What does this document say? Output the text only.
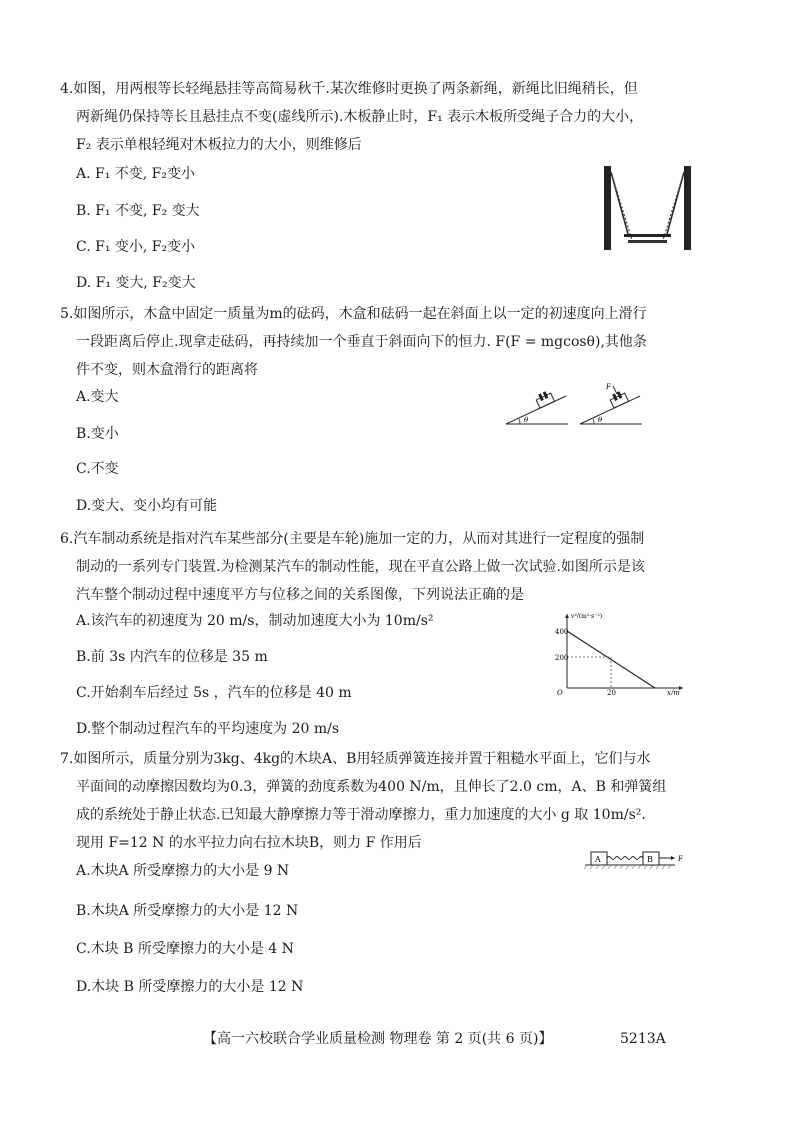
4.如图，用两根等长轻绳悬挂等高简易秋千.某次维修时更换了两条新绳，新绳比旧绳稍长，但
两新绳仍保持等长且悬挂点不变(虚线所示).木板静止时，F₁ 表示木板所受绳子合力的大小，
F₂ 表示单根轻绳对木板拉力的大小，则维修后
A. F₁ 不变, F₂变小
B. F₁ 不变, F₂ 变大
C. F₁ 变小, F₂变小
D. F₁ 变大, F₂变大
5.如图所示，木盒中固定一质量为m的砝码，木盒和砝码一起在斜面上以一定的初速度向上滑行
一段距离后停止.现拿走砝码，再持续加一个垂直于斜面向下的恒力. F(F = mgcosθ),其他条
件不变，则木盒滑行的距离将
A.变大
B.变小
C.不变
D.变大、变小均有可能
θ	θ
F
6.汽车制动系统是指对汽车某些部分(主要是车轮)施加一定的力，从而对其进行一定程度的强制
制动的一系列专门装置.为检测某汽车的制动性能，现在平直公路上做一次试验.如图所示是该
汽车整个制动过程中速度平方与位移之间的关系图像，下列说法正确的是
A.该汽车的初速度为 20 m/s，制动加速度大小为 10m/s²
B.前 3s 内汽车的位移是 35 m
C.开始刹车后经过 5s ，汽车的位移是 40 m
D.整个制动过程汽车的平均速度为 20 m/s
v²/(m²·s⁻²)
400
200
O	20	x/m
7.如图所示，质量分别为3kg、4kg的木块A、B用轻质弹簧连接并置于粗糙水平面上，它们与水
平面间的动摩擦因数均为0.3，弹簧的劲度系数为400 N/m，且伸长了2.0 cm，A、B 和弹簧组
成的系统处于静止状态.已知最大静摩擦力等于滑动摩擦力，重力加速度的大小 g 取 10m/s².
现用 F=12 N 的水平拉力向右拉木块B，则力 F 作用后
A.木块A 所受摩擦力的大小是 9 N
B.木块A 所受摩擦力的大小是 12 N
C.木块 B 所受摩擦力的大小是 4 N
D.木块 B 所受摩擦力的大小是 12 N
A	B	F
【高一六校联合学业质量检测 物理卷 第 2 页(共 6 页)】	5213A
